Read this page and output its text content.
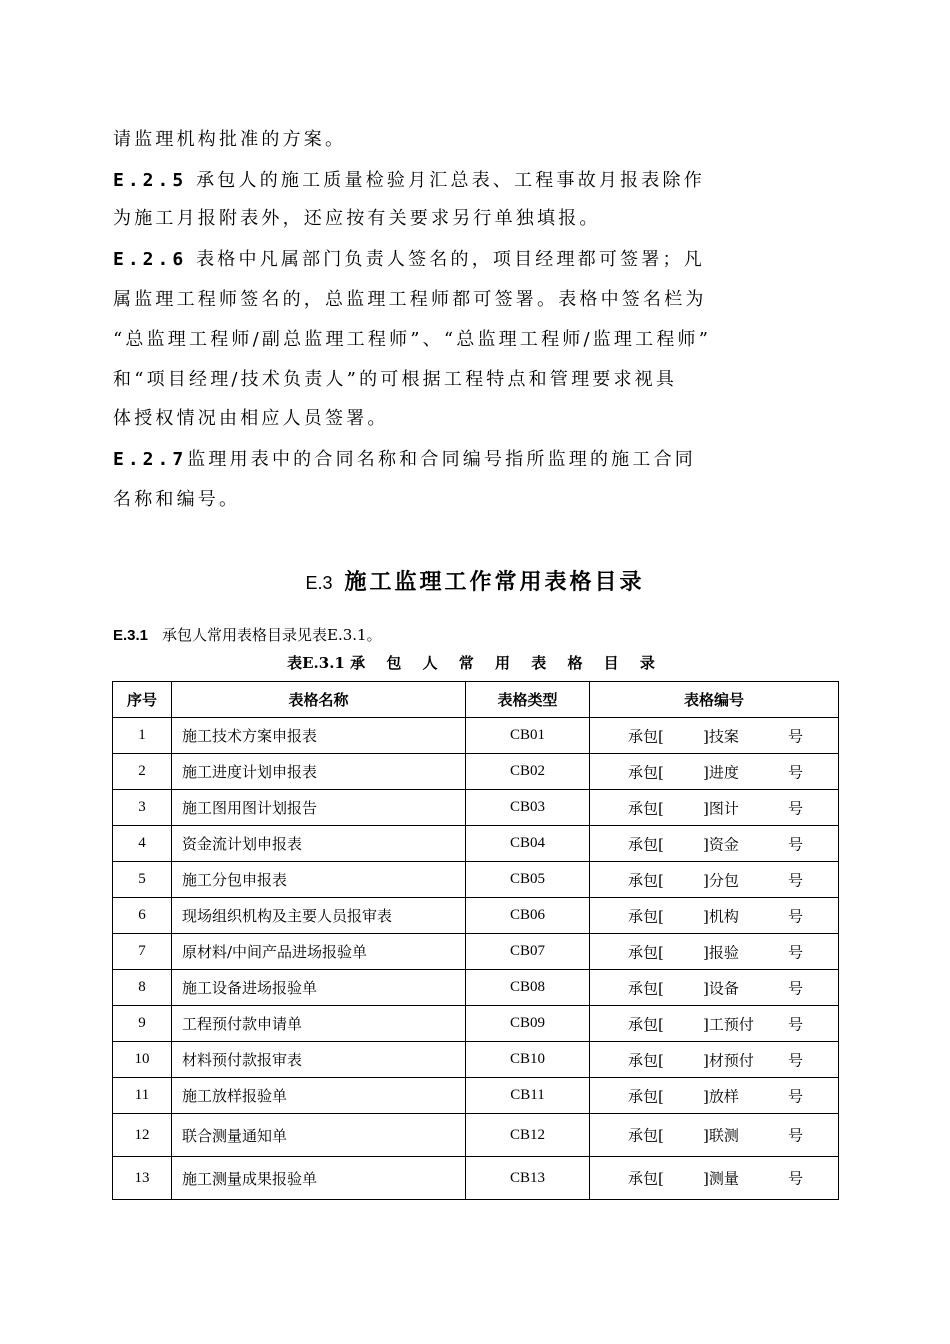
请监理机构批准的方案。
E.2.5 承包人的施工质量检验月汇总表、工程事故月报表除作
为施工月报附表外，还应按有关要求另行单独填报。
E.2.6 表格中凡属部门负责人签名的，项目经理都可签署；凡
属监理工程师签名的，总监理工程师都可签署。表格中签名栏为
“总监理工程师/副总监理工程师”、“总监理工程师/监理工程师”
和“项目经理/技术负责人”的可根据工程特点和管理要求视具
体授权情况由相应人员签署。
E.2.7监理用表中的合同名称和合同编号指所监理的施工合同
名称和编号。
E.3 施工监理工作常用表格目录
E.3.1 承包人常用表格目录见表E.3.1。
表E.3.1 承 包 人 常 用 表 格 目 录
序号	表格名称	表格类型	表格编号
1	施工技术方案申报表	CB01	承包[ ]技案 号

2	施工进度计划申报表	CB02	承包[ ]进度 号

3	施工图用图计划报告	CB03	承包[ ]图计 号

4	资金流计划申报表	CB04	承包[ ]资金 号

5	施工分包申报表	CB05	承包[ ]分包 号

6	现场组织机构及主要人员报审表	CB06	承包[ ]机构 号

7	原材料/中间产品进场报验单	CB07	承包[ ]报验 号

8	施工设备进场报验单	CB08	承包[ ]设备 号

9	工程预付款申请单	CB09	承包[ ]工预付 号

10	材料预付款报审表	CB10	承包[ ]材预付 号

11	施工放样报验单	CB11	承包[ ]放样 号

12	联合测量通知单	CB12	承包[ ]联测 号

13	施工测量成果报验单	CB13	承包[ ]测量 号
